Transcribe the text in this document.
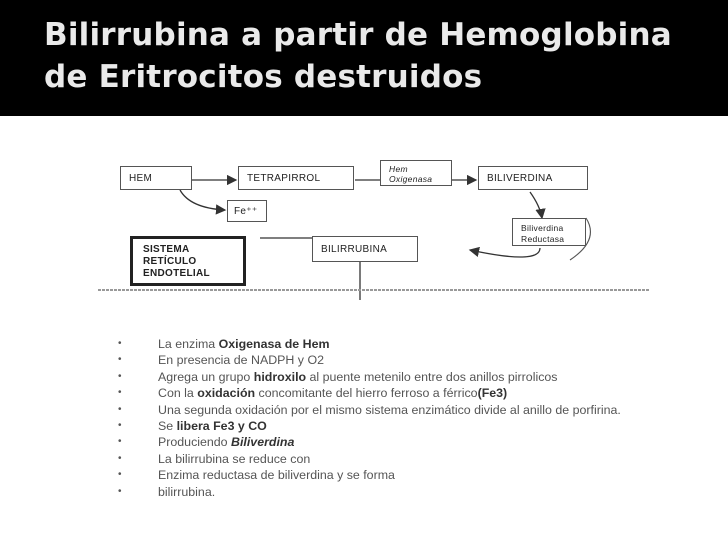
Bilirrubina a partir de Hemoglobina
de Eritrocitos destruidos
HEM	TETRAPIRROL
Hem
Oxigenasa	BILIVERDINA
Fe⁺⁺
Biliverdina
Reductasa
SISTEMA
RETÍCULO
ENDOTELIAL
BILIRRUBINA
• La enzima Oxigenasa de Hem
• En presencia de NADPH y O2
• Agrega un grupo hidroxilo al puente metenilo entre dos anillos pirrolicos
• Con la oxidación concomitante del hierro ferroso a férrico(Fe3)
• Una segunda oxidación por el mismo sistema enzimático divide al anillo de porfirina.
• Se libera Fe3 y CO
• Produciendo Biliverdina
• La bilirrubina se reduce con
• Enzima reductasa de biliverdina y se forma
• bilirrubina.
